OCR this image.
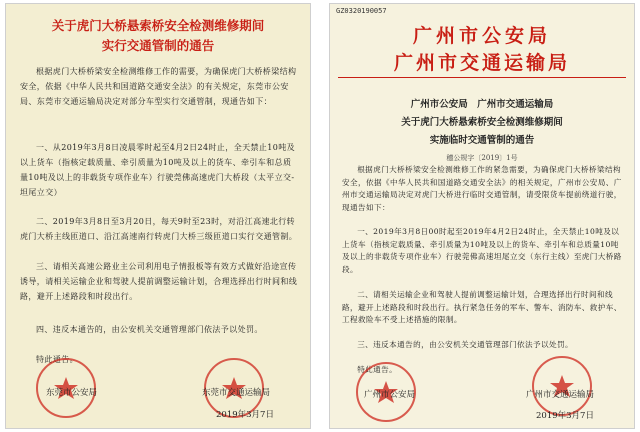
关于虎门大桥悬索桥安全检测维修期间
实行交通管制的通告

根据虎门大桥桥梁安全检测维修工作的需要，为确保虎门大桥桥梁结构安全，依据《中华人民共和国道路交通安全法》的有关规定，东莞市公安局、东莞市交通运输局决定对部分车型实行交通管制，现通告如下：

一、从2019年3月8日凌晨零时起至4月2日24时止，全天禁止10吨及以上货车（指核定载质量、牵引质量为10吨及以上的货车、牵引车和总质量10吨及以上的非载货专项作业车）行驶莞佛高速虎门大桥段（太平立交-坦尾立交）

二、2019年3月8日至3月20日，每天9时至23时，对沿江高速北行转虎门大桥主线匝道口、沿江高速南行转虎门大桥三级匝道口实行交通管制。

三、请相关高速公路业主公司利用电子情报板等有效方式做好沿途宣传诱导，请相关运输企业和驾驶人提前调整运输计划，合理选择出行时间和线路，避开上述路段和时段出行。

四、违反本通告的，由公安机关交通管理部门依法予以处罚。

特此通告。

东莞市公安局	东莞市交通运输局
2019年3月7日
GZ0320190057
广州市公安局
广州市交通运输局
广州市公安局　广州市交通运输局
关于虎门大桥悬索桥安全检测维修期间
实施临时交通管制的通告
穗公规字〔2019〕1号

根据虎门大桥桥梁安全检测维修工作的紧急需要，为确保虎门大桥桥梁结构安全，依据《中华人民共和国道路交通安全法》的相关规定，广州市公安局、广州市交通运输局决定对虎门大桥进行临时交通管制，请受限货车提前绕道行驶，现通告如下：

一、2019年3月8日00时起至2019年4月2日24时止，全天禁止10吨及以上货车（指核定载质量、牵引质量为10吨及以上的货车、牵引车和总质量10吨及以上的非载货专项作业车）行驶莞佛高速坦尾立交（东行主线）至虎门大桥路段。

二、请相关运输企业和驾驶人提前调整运输计划，合理选择出行时间和线路，避开上述路段和时段出行。执行紧急任务的军车、警车、消防车、救护车、工程救险车不受上述措施的限制。

三、违反本通告的，由公安机关交通管理部门依法予以处罚。

特此通告。

广州市公安局	广州市交通运输局
2019年3月7日
